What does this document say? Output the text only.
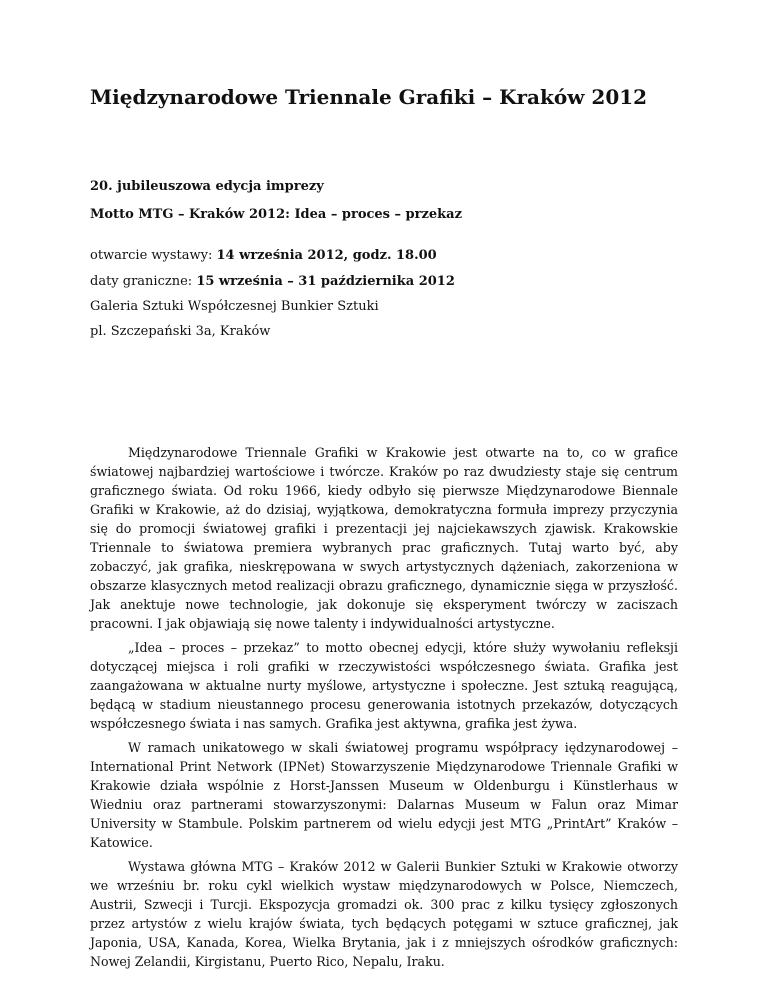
Międzynarodowe Triennale Grafiki – Kraków 2012
20. jubileuszowa edycja imprezy
Motto MTG – Kraków 2012: Idea – proces – przekaz
otwarcie wystawy: 14 września 2012, godz. 18.00
daty graniczne: 15 września – 31 października 2012
Galeria Sztuki Współczesnej Bunkier Sztuki
pl. Szczepański 3a, Kraków

Międzynarodowe Triennale Grafiki w Krakowie jest otwarte na to, co w grafice światowej najbardziej wartościowe i twórcze. Kraków po raz dwudziesty staje się centrum graficznego świata. Od roku 1966, kiedy odbyło się pierwsze Międzynarodowe Biennale Grafiki w Krakowie, aż do dzisiaj, wyjątkowa, demokratyczna formuła imprezy przyczynia się do promocji światowej grafiki i prezentacji jej najciekawszych zjawisk. Krakowskie Triennale to światowa premiera wybranych prac graficznych. Tutaj warto być, aby zobaczyć, jak grafika, nieskrępowana w swych artystycznych dążeniach, zakorzeniona w obszarze klasycznych metod realizacji obrazu graficznego, dynamicznie sięga w przyszłość. Jak anektuje nowe technologie, jak dokonuje się eksperyment twórczy w zaciszach pracowni. I jak objawiają się nowe talenty i indywidualności artystyczne.

„Idea – proces – przekaz” to motto obecnej edycji, które służy wywołaniu refleksji dotyczącej miejsca i roli grafiki w rzeczywistości współczesnego świata. Grafika jest zaangażowana w aktualne nurty myślowe, artystyczne i społeczne. Jest sztuką reagującą, będącą w stadium nieustannego procesu generowania istotnych przekazów, dotyczących współczesnego świata i nas samych. Grafika jest aktywna, grafika jest żywa.

W ramach unikatowego w skali światowej programu współpracy iędzynarodowej – International Print Network (IPNet) Stowarzyszenie Międzynarodowe Triennale Grafiki w Krakowie działa wspólnie z Horst-Janssen Museum w Oldenburgu i Künstlerhaus w Wiedniu oraz partnerami stowarzyszonymi: Dalarnas Museum w Falun oraz Mimar University w Stambule. Polskim partnerem od wielu edycji jest MTG „PrintArt” Kraków – Katowice.

Wystawa główna MTG – Kraków 2012 w Galerii Bunkier Sztuki w Krakowie otworzy we wrześniu br. roku cykl wielkich wystaw międzynarodowych w Polsce, Niemczech, Austrii, Szwecji i Turcji. Ekspozycja gromadzi ok. 300 prac z kilku tysięcy zgłoszonych przez artystów z wielu krajów świata, tych będących potęgami w sztuce graficznej, jak Japonia, USA, Kanada, Korea, Wielka Brytania, jak i z mniejszych ośrodków graficznych: Nowej Zelandii, Kirgistanu, Puerto Rico, Nepalu, Iraku.
